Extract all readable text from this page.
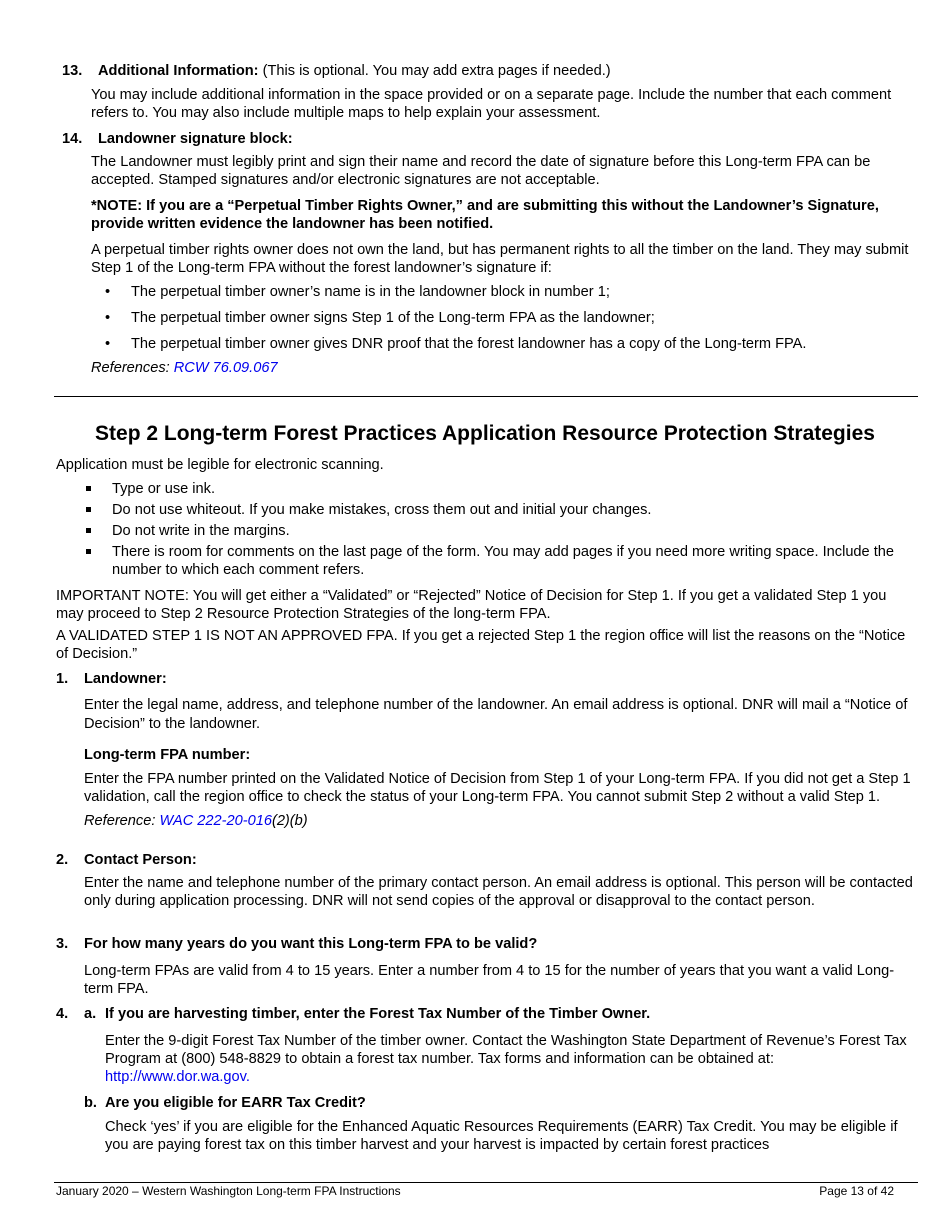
13. Additional Information: (This is optional. You may add extra pages if needed.)

You may include additional information in the space provided or on a separate page. Include the number that each comment refers to. You may also include multiple maps to help explain your assessment.

14. Landowner signature block:

The Landowner must legibly print and sign their name and record the date of signature before this Long-term FPA can be accepted. Stamped signatures and/or electronic signatures are not acceptable.

*NOTE: If you are a “Perpetual Timber Rights Owner,” and are submitting this without the Landowner’s Signature, provide written evidence the landowner has been notified.

A perpetual timber rights owner does not own the land, but has permanent rights to all the timber on the land. They may submit Step 1 of the Long-term FPA without the forest landowner’s signature if:

• The perpetual timber owner’s name is in the landowner block in number 1;
• The perpetual timber owner signs Step 1 of the Long-term FPA as the landowner;
• The perpetual timber owner gives DNR proof that the forest landowner has a copy of the Long-term FPA.

References: RCW 76.09.067

Step 2 Long-term Forest Practices Application Resource Protection Strategies

Application must be legible for electronic scanning.

Type or use ink.
Do not use whiteout. If you make mistakes, cross them out and initial your changes.
Do not write in the margins.
There is room for comments on the last page of the form. You may add pages if you need more writing space. Include the number to which each comment refers.

IMPORTANT NOTE: You will get either a “Validated” or “Rejected” Notice of Decision for Step 1. If you get a validated Step 1 you may proceed to Step 2 Resource Protection Strategies of the long-term FPA.

A VALIDATED STEP 1 IS NOT AN APPROVED FPA. If you get a rejected Step 1 the region office will list the reasons on the “Notice of Decision.”

1. Landowner:

Enter the legal name, address, and telephone number of the landowner. An email address is optional. DNR will mail a “Notice of Decision” to the landowner.

Long-term FPA number:

Enter the FPA number printed on the Validated Notice of Decision from Step 1 of your Long-term FPA. If you did not get a Step 1 validation, call the region office to check the status of your Long-term FPA. You cannot submit Step 2 without a valid Step 1.

Reference: WAC 222-20-016(2)(b)

2. Contact Person:

Enter the name and telephone number of the primary contact person. An email address is optional. This person will be contacted only during application processing. DNR will not send copies of the approval or disapproval to the contact person.

3. For how many years do you want this Long-term FPA to be valid?

Long-term FPAs are valid from 4 to 15 years. Enter a number from 4 to 15 for the number of years that you want a valid Long-term FPA.

4. a. If you are harvesting timber, enter the Forest Tax Number of the Timber Owner.

Enter the 9-digit Forest Tax Number of the timber owner. Contact the Washington State Department of Revenue’s Forest Tax Program at (800) 548-8829 to obtain a forest tax number. Tax forms and information can be obtained at: http://www.dor.wa.gov.

b. Are you eligible for EARR Tax Credit?

Check ‘yes’ if you are eligible for the Enhanced Aquatic Resources Requirements (EARR) Tax Credit. You may be eligible if you are paying forest tax on this timber harvest and your harvest is impacted by certain forest practices

January 2020 – Western Washington Long-term FPA Instructions	Page 13 of 42
